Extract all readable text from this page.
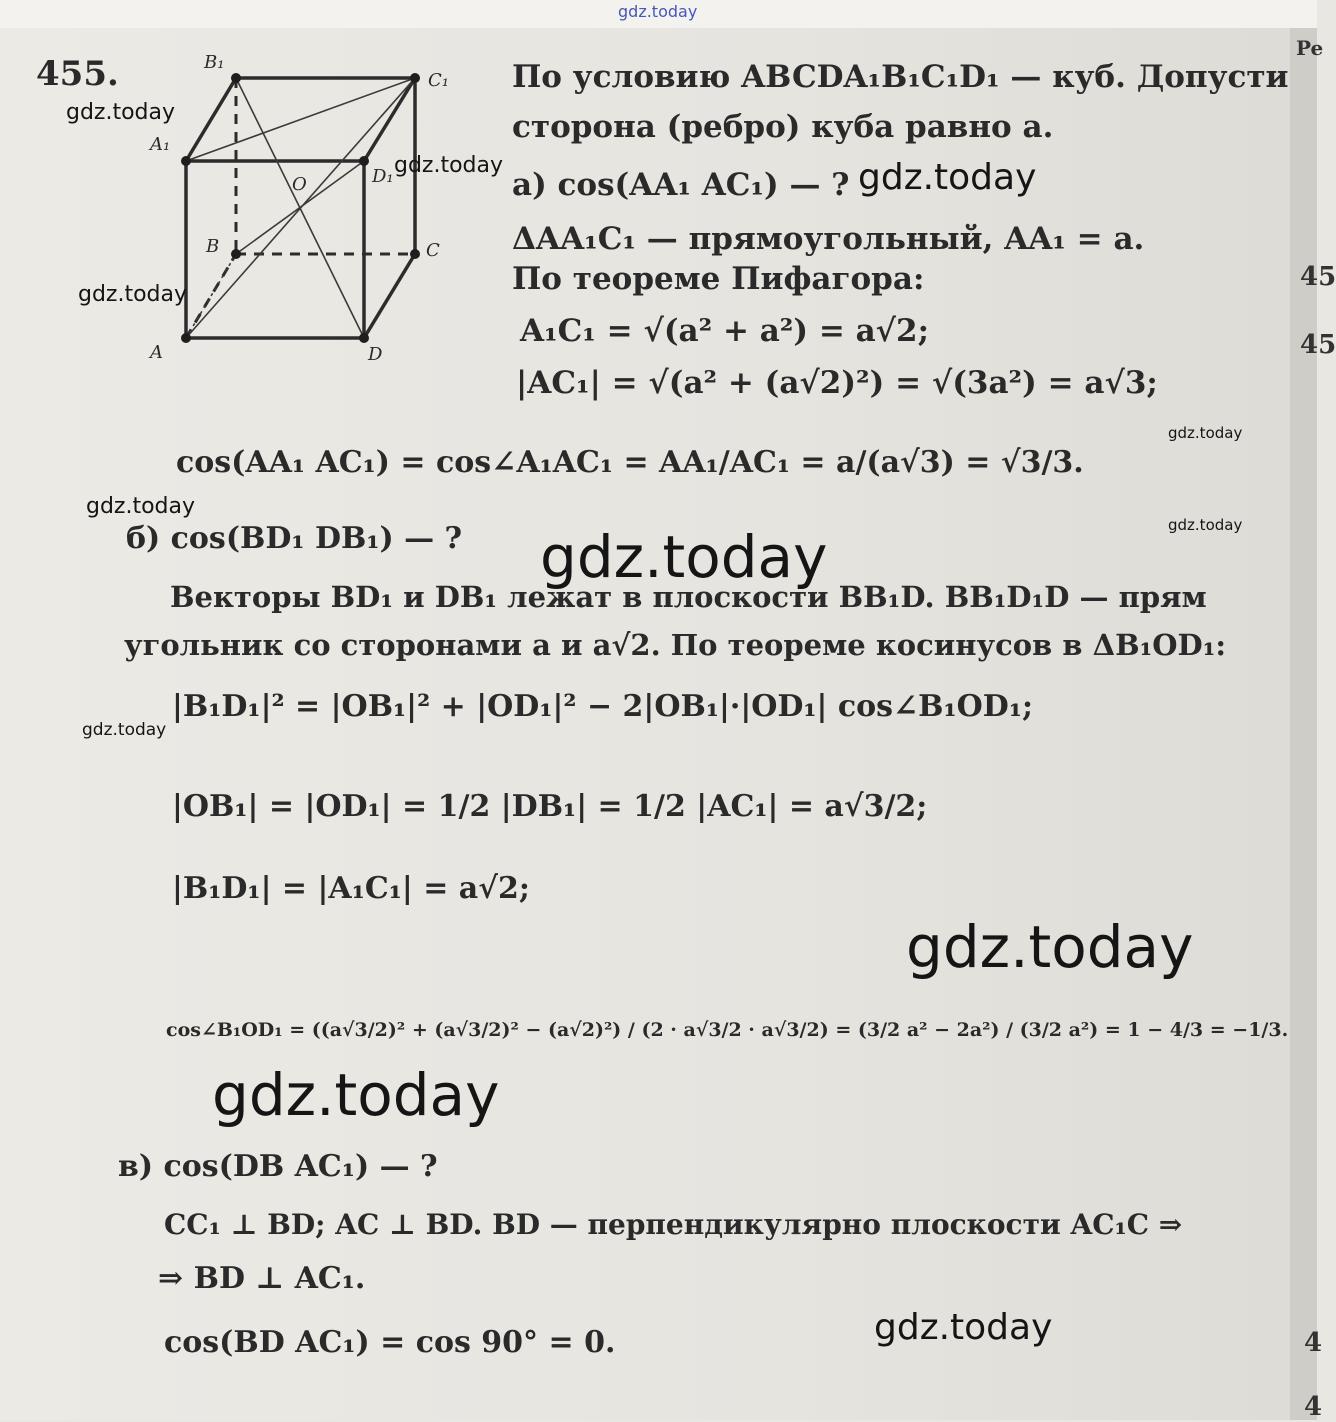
Pe
45
45
4
4
455.	B₁
C₁
A₁
D₁
O
B	C
A	D
По условию ABCDA₁B₁C₁D₁ — куб. Допусти
сторона (ребро) куба равно a.
а) cos(AA₁ AC₁) — ?
ΔAA₁C₁ — прямоугольный, AA₁ = a.
По теореме Пифагора:
A₁C₁ = √(a² + a²) = a√2;
|AC₁| = √(a² + (a√2)²) = √(3a²) = a√3;
cos(AA₁ AC₁) = cos∠A₁AC₁ = AA₁/AC₁ = a/(a√3) = √3/3.
б) cos(BD₁ DB₁) — ?
Векторы BD₁ и DB₁ лежат в плоскости BB₁D. BB₁D₁D — прям
угольник со сторонами a и a√2. По теореме косинусов в ΔB₁OD₁:
|B₁D₁|² = |OB₁|² + |OD₁|² − 2|OB₁|·|OD₁| cos∠B₁OD₁;
|OB₁| = |OD₁| = 1/2 |DB₁| = 1/2 |AC₁| = a√3/2;
|B₁D₁| = |A₁C₁| = a√2;
cos∠B₁OD₁ = ((a√3/2)² + (a√3/2)² − (a√2)²) / (2 · a√3/2 · a√3/2) = (3/2 a² − 2a²) / (3/2 a²) = 1 − 4/3 = −1/3.
в) cos(DB AC₁) — ?
CC₁ ⊥ BD; AC ⊥ BD. BD — перпендикулярно плоскости AC₁C ⇒
⇒ BD ⊥ AC₁.
cos(BD AC₁) = cos 90° = 0.
gdz.today
gdz.today
gdz.today	gdz.today
gdz.today
gdz.today
gdz.today
gdz.today
gdz.today
gdz.today
gdz.today
gdz.today
gdz.today
